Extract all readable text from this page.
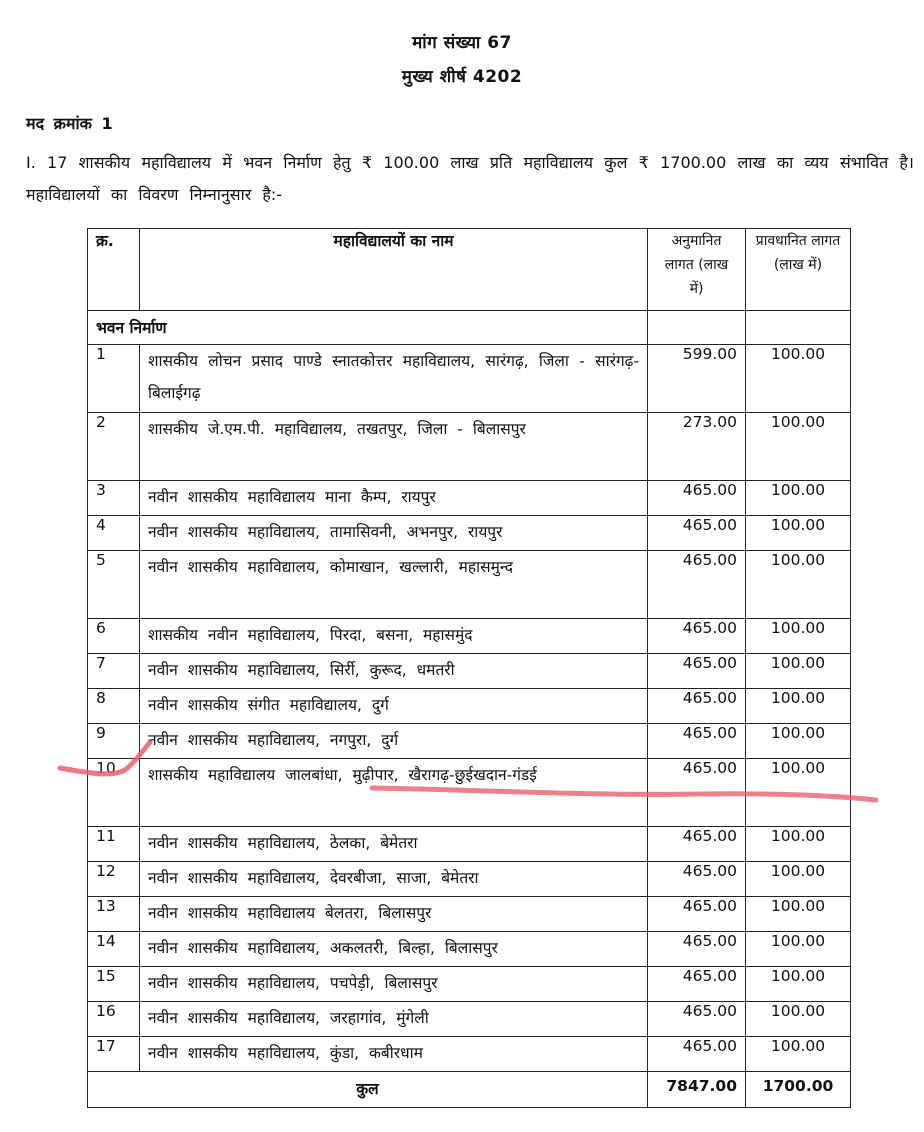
मांग संख्या 67
मुख्य शीर्ष 4202
मद क्रमांक 1
I. 17 शासकीय महाविद्यालय में भवन निर्माण हेतु ₹ 100.00 लाख प्रति महाविद्यालय कुल ₹ 1700.00 लाख का व्यय संभावित है। महाविद्यालयों का विवरण निम्नानुसार है:-
क्र.	महाविद्यालयों का नाम	अनुमानित लागत (लाख में)	प्रावधानित लागत (लाख में)
भवन निर्माण			
1	शासकीय लोचन प्रसाद पाण्डे स्नातकोत्तर महाविद्यालय, सारंगढ़, जिला - सारंगढ़-बिलाईगढ़	599.00	100.00
2	शासकीय जे.एम.पी. महाविद्यालय, तखतपुर, जिला - बिलासपुर	273.00	100.00
3	नवीन शासकीय महाविद्यालय माना कैम्प, रायपुर	465.00	100.00
4	नवीन शासकीय महाविद्यालय, तामासिवनी, अभनपुर, रायपुर	465.00	100.00
5	नवीन शासकीय महाविद्यालय, कोमाखान, खल्लारी, महासमुन्द	465.00	100.00
6	शासकीय नवीन महाविद्यालय, पिरदा, बसना, महासमुंद	465.00	100.00
7	नवीन शासकीय महाविद्यालय, सिर्री, कुरूद, धमतरी	465.00	100.00
8	नवीन शासकीय संगीत महाविद्यालय, दुर्ग	465.00	100.00
9	नवीन शासकीय महाविद्यालय, नगपुरा, दुर्ग	465.00	100.00
10	शासकीय महाविद्यालय जालबांधा, मुढ़ीपार, खैरागढ़-छुईखदान-गंडई	465.00	100.00
11	नवीन शासकीय महाविद्यालय, ठेलका, बेमेतरा	465.00	100.00
12	नवीन शासकीय महाविद्यालय, देवरबीजा, साजा, बेमेतरा	465.00	100.00
13	नवीन शासकीय महाविद्यालय बेलतरा, बिलासपुर	465.00	100.00
14	नवीन शासकीय महाविद्यालय, अकलतरी, बिल्हा, बिलासपुर	465.00	100.00
15	नवीन शासकीय महाविद्यालय, पचपेड़ी, बिलासपुर	465.00	100.00
16	नवीन शासकीय महाविद्यालय, जरहागांव, मुंगेली	465.00	100.00
17	नवीन शासकीय महाविद्यालय, कुंडा, कबीरधाम	465.00	100.00
कुल		7847.00	1700.00
